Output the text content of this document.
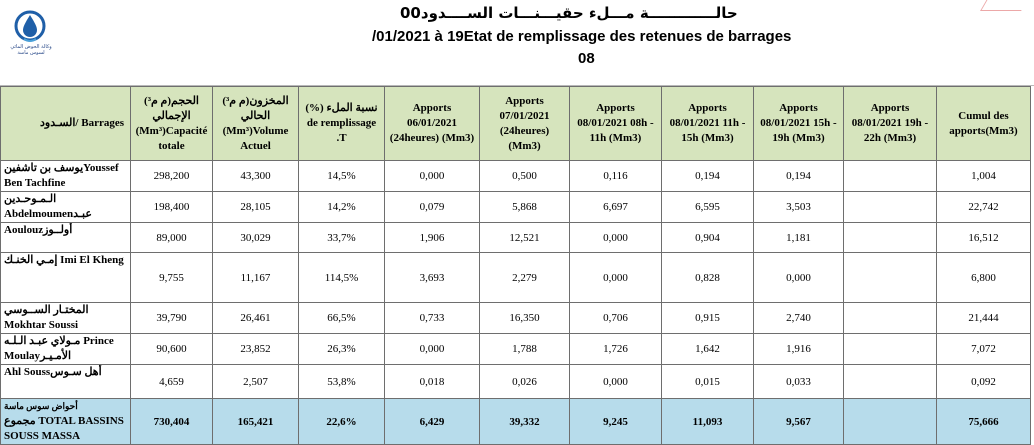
وكالة الحوض المائي لسوس ماسة
00حالـــــــــــــة مـــلء حقيـــنـــات الســــدود
/01/2021 à 19Etat de remplissage des retenues de barrages
08
السـدود/ Barrages	(م م³)الحجم الإجمالي (Mm³)Capacité totale	(م م³)المخزون الحالي (Mm³)Volume Actuel	(%) نسبة الملء de remplissage .T	Apports 06/01/2021 (24heures) (Mm3)	Apports 07/01/2021 (24heures) (Mm3)	Apports 08/01/2021 08h - 11h (Mm3)	Apports 08/01/2021 11h - 15h (Mm3)	Apports 08/01/2021 15h - 19h (Mm3)	Apports 08/01/2021 19h - 22h (Mm3)	Cumul des apports(Mm3)
يوسف بن تاشفينYoussef Ben Tachfine	298,200	43,300	14,5%	0,000	0,500	0,116	0,194	0,194		1,004
الـمـوحـدين Abdelmoumenعبـد	198,400	28,105	14,2%	0,079	5,868	6,697	6,595	3,503		22,742
Aoulouzأولــوز	89,000	30,029	33,7%	1,906	12,521	0,000	0,904	1,181		16,512
إمـي الخنـك Imi El Kheng	9,755	11,167	114,5%	3,693	2,279	0,000	0,828	0,000		6,800
المختـار الســوسي Mokhtar Soussi	39,790	26,461	66,5%	0,733	16,350	0,706	0,915	2,740		21,444
مـولاي عبـد الـلـه Prince Moulayالأمـيـر	90,600	23,852	26,3%	0,000	1,788	1,726	1,642	1,916		7,072
Ahl Soussأهل سـوس	4,659	2,507	53,8%	0,018	0,026	0,000	0,015	0,033		0,092

أحواض سوس ماسة
مجموع TOTAL BASSINS SOUSS MASSA	730,404	165,421	22,6%	6,429	39,332	9,245	11,093	9,567		75,666
